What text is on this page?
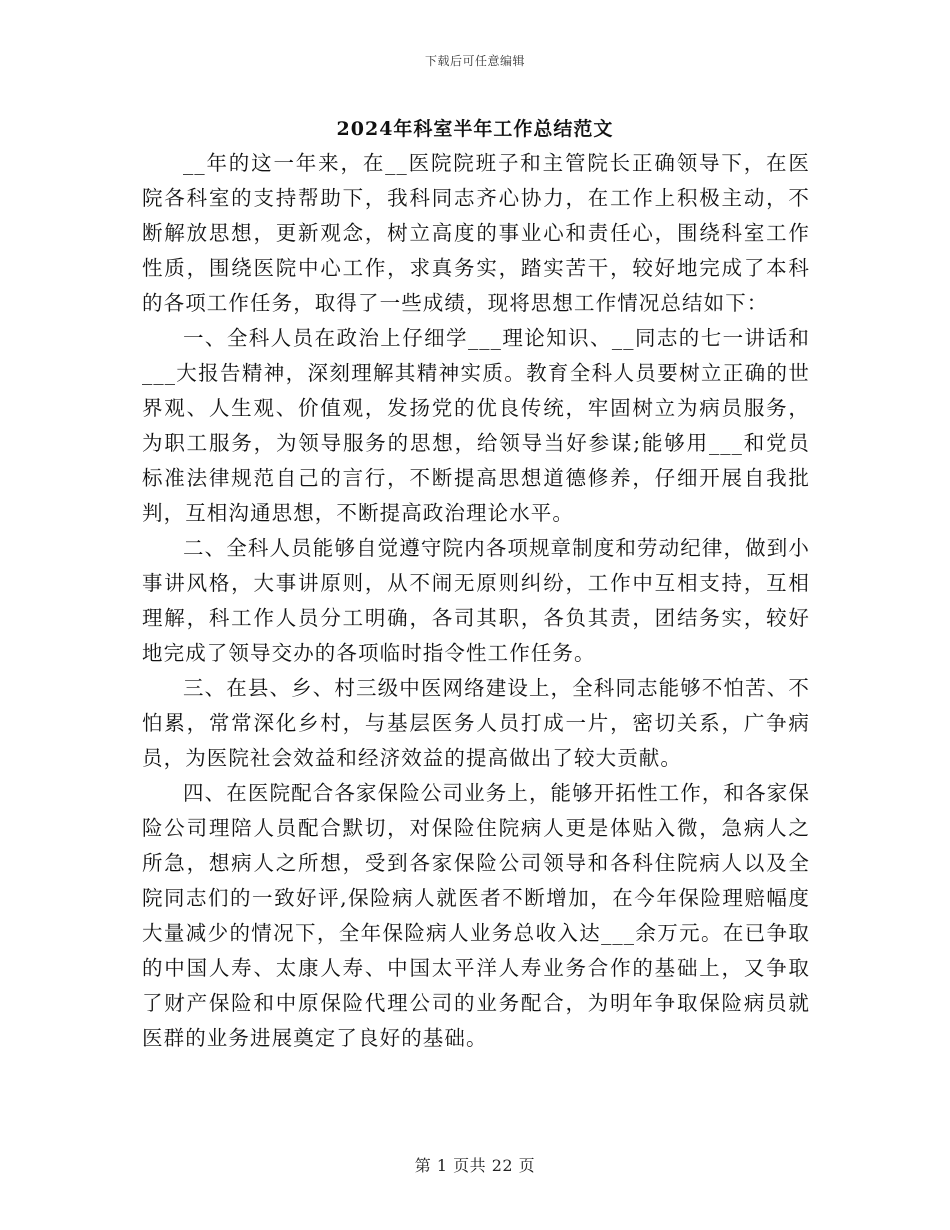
下载后可任意编辑
2024年科室半年工作总结范文

__年的这一年来，在__医院院班子和主管院长正确领导下，在医院各科室的支持帮助下，我科同志齐心协力，在工作上积极主动，不断解放思想，更新观念，树立高度的事业心和责任心，围绕科室工作性质，围绕医院中心工作，求真务实，踏实苦干，较好地完成了本科的各项工作任务，取得了一些成绩，现将思想工作情况总结如下：

一、全科人员在政治上仔细学___理论知识、__同志的七一讲话和___大报告精神，深刻理解其精神实质。教育全科人员要树立正确的世界观、人生观、价值观，发扬党的优良传统，牢固树立为病员服务，为职工服务，为领导服务的思想，给领导当好参谋;能够用___和党员标准法律规范自己的言行，不断提高思想道德修养，仔细开展自我批判，互相沟通思想，不断提高政治理论水平。

二、全科人员能够自觉遵守院内各项规章制度和劳动纪律，做到小事讲风格，大事讲原则，从不闹无原则纠纷，工作中互相支持，互相理解，科工作人员分工明确，各司其职，各负其责，团结务实，较好地完成了领导交办的各项临时指令性工作任务。

三、在县、乡、村三级中医网络建设上，全科同志能够不怕苦、不怕累，常常深化乡村，与基层医务人员打成一片，密切关系，广争病员，为医院社会效益和经济效益的提高做出了较大贡献。

四、在医院配合各家保险公司业务上，能够开拓性工作，和各家保险公司理陪人员配合默切，对保险住院病人更是体贴入微，急病人之所急，想病人之所想，受到各家保险公司领导和各科住院病人以及全院同志们的一致好评,保险病人就医者不断增加，在今年保险理赔幅度大量减少的情况下，全年保险病人业务总收入达___余万元。在已争取的中国人寿、太康人寿、中国太平洋人寿业务合作的基础上，又争取了财产保险和中原保险代理公司的业务配合，为明年争取保险病员就医群的业务进展奠定了良好的基础。

第 1 页共 22 页
